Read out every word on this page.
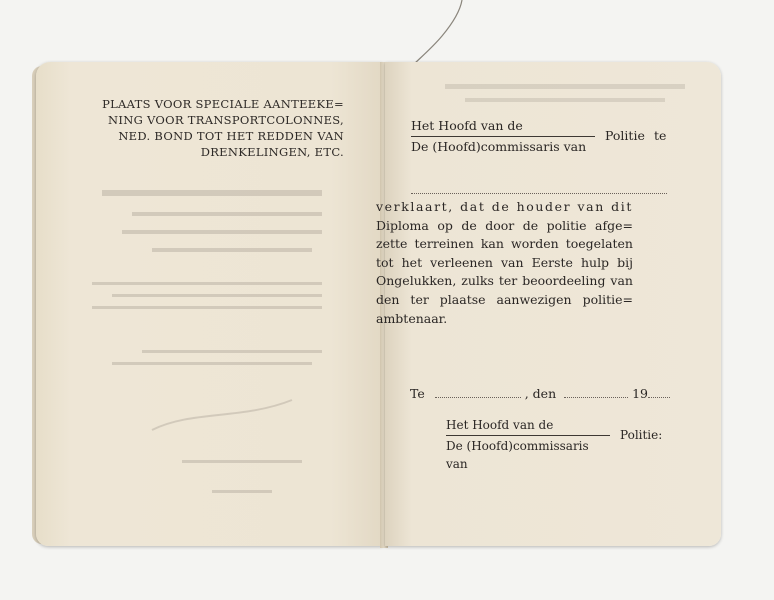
PLAATS VOOR SPECIALE AANTEEKE=
NING VOOR TRANSPORTCOLONNES,
NED. BOND TOT HET REDDEN VAN
DRENKELINGEN, ETC.
Het Hoofd van de
De (Hoofd)commissaris van
Politie te
verklaart, dat de houder van dit
Diploma op de door de politie afge=
zette terreinen kan worden toegelaten
tot het verleenen van Eerste hulp bij
Ongelukken, zulks ter beoordeeling van
den ter plaatse aanwezigen politie=
ambtenaar.
Te	, den	19
Het Hoofd van de
De (Hoofd)commissaris van
Politie:
